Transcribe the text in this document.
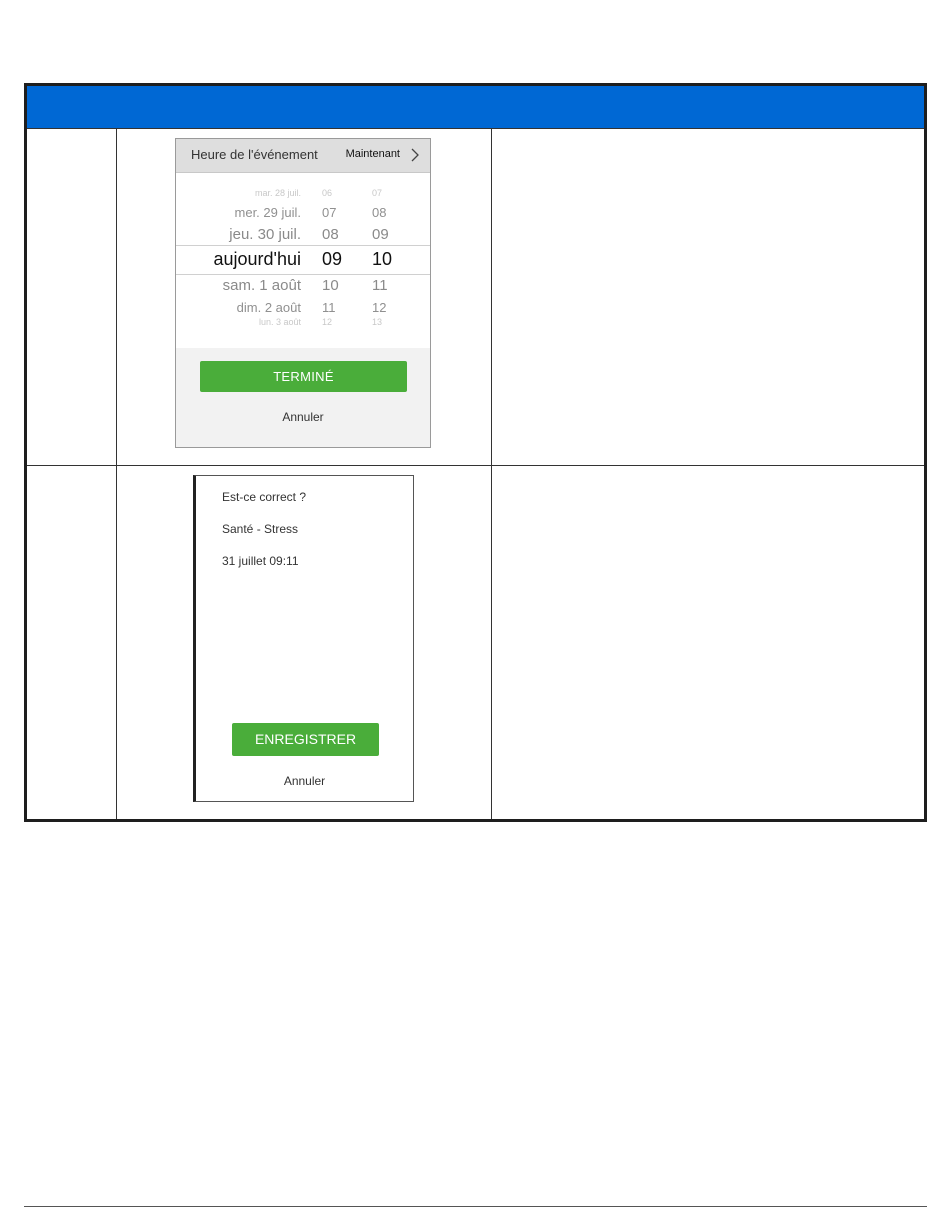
Heure de l'événement	Maintenant
mar. 28 juil.
mer. 29 juil.
jeu. 30 juil.
aujourd'hui
sam. 1 août
dim. 2 août
lun. 3 août
06
07
08
09
10
11
12
07
08
09
10
11
12
13
TERMINÉ
Annuler
Est-ce correct ?
Santé - Stress
31 juillet 09:11
ENREGISTRER
Annuler
